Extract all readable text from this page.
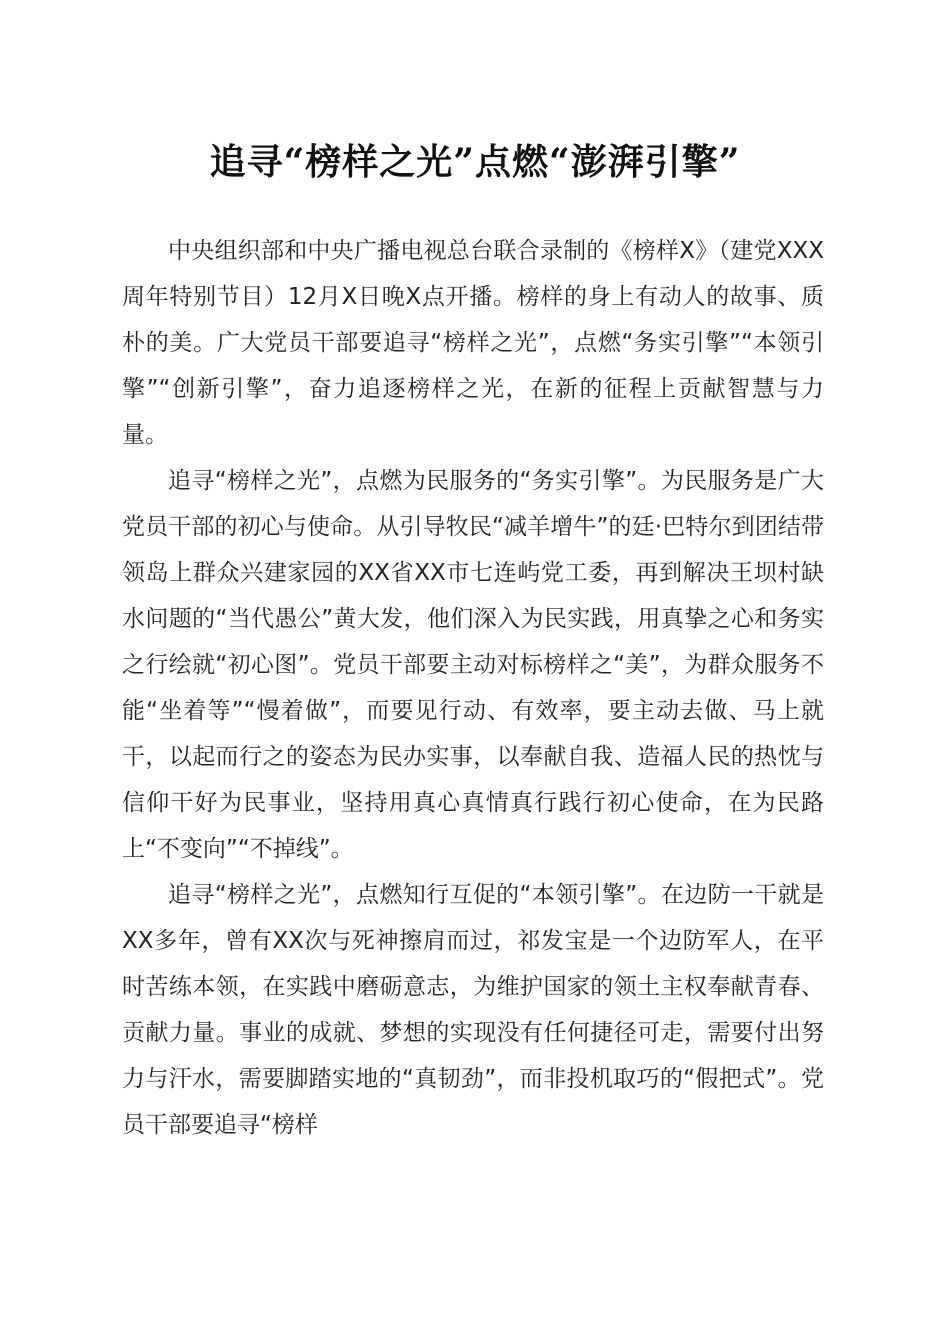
追寻“榜样之光”点燃“澎湃引擎”

中央组织部和中央广播电视总台联合录制的《榜样X》（建党XXX周年特别节目）12月X日晚X点开播。榜样的身上有动人的故事、质朴的美。广大党员干部要追寻“榜样之光”，点燃“务实引擎”“本领引擎”“创新引擎”，奋力追逐榜样之光，在新的征程上贡献智慧与力量。

追寻“榜样之光”，点燃为民服务的“务实引擎”。为民服务是广大党员干部的初心与使命。从引导牧民“减羊增牛”的廷·巴特尔到团结带领岛上群众兴建家园的XX省XX市七连屿党工委，再到解决王坝村缺水问题的“当代愚公”黄大发，他们深入为民实践，用真挚之心和务实之行绘就“初心图”。党员干部要主动对标榜样之“美”，为群众服务不能“坐着等”“慢着做”，而要见行动、有效率，要主动去做、马上就干，以起而行之的姿态为民办实事，以奉献自我、造福人民的热忱与信仰干好为民事业，坚持用真心真情真行践行初心使命，在为民路上“不变向”“不掉线”。

追寻“榜样之光”，点燃知行互促的“本领引擎”。在边防一干就是XX多年，曾有XX次与死神擦肩而过，祁发宝是一个边防军人，在平时苦练本领，在实践中磨砺意志，为维护国家的领土主权奉献青春、贡献力量。事业的成就、梦想的实现没有任何捷径可走，需要付出努力与汗水，需要脚踏实地的“真韧劲”，而非投机取巧的“假把式”。党员干部要追寻“榜样
